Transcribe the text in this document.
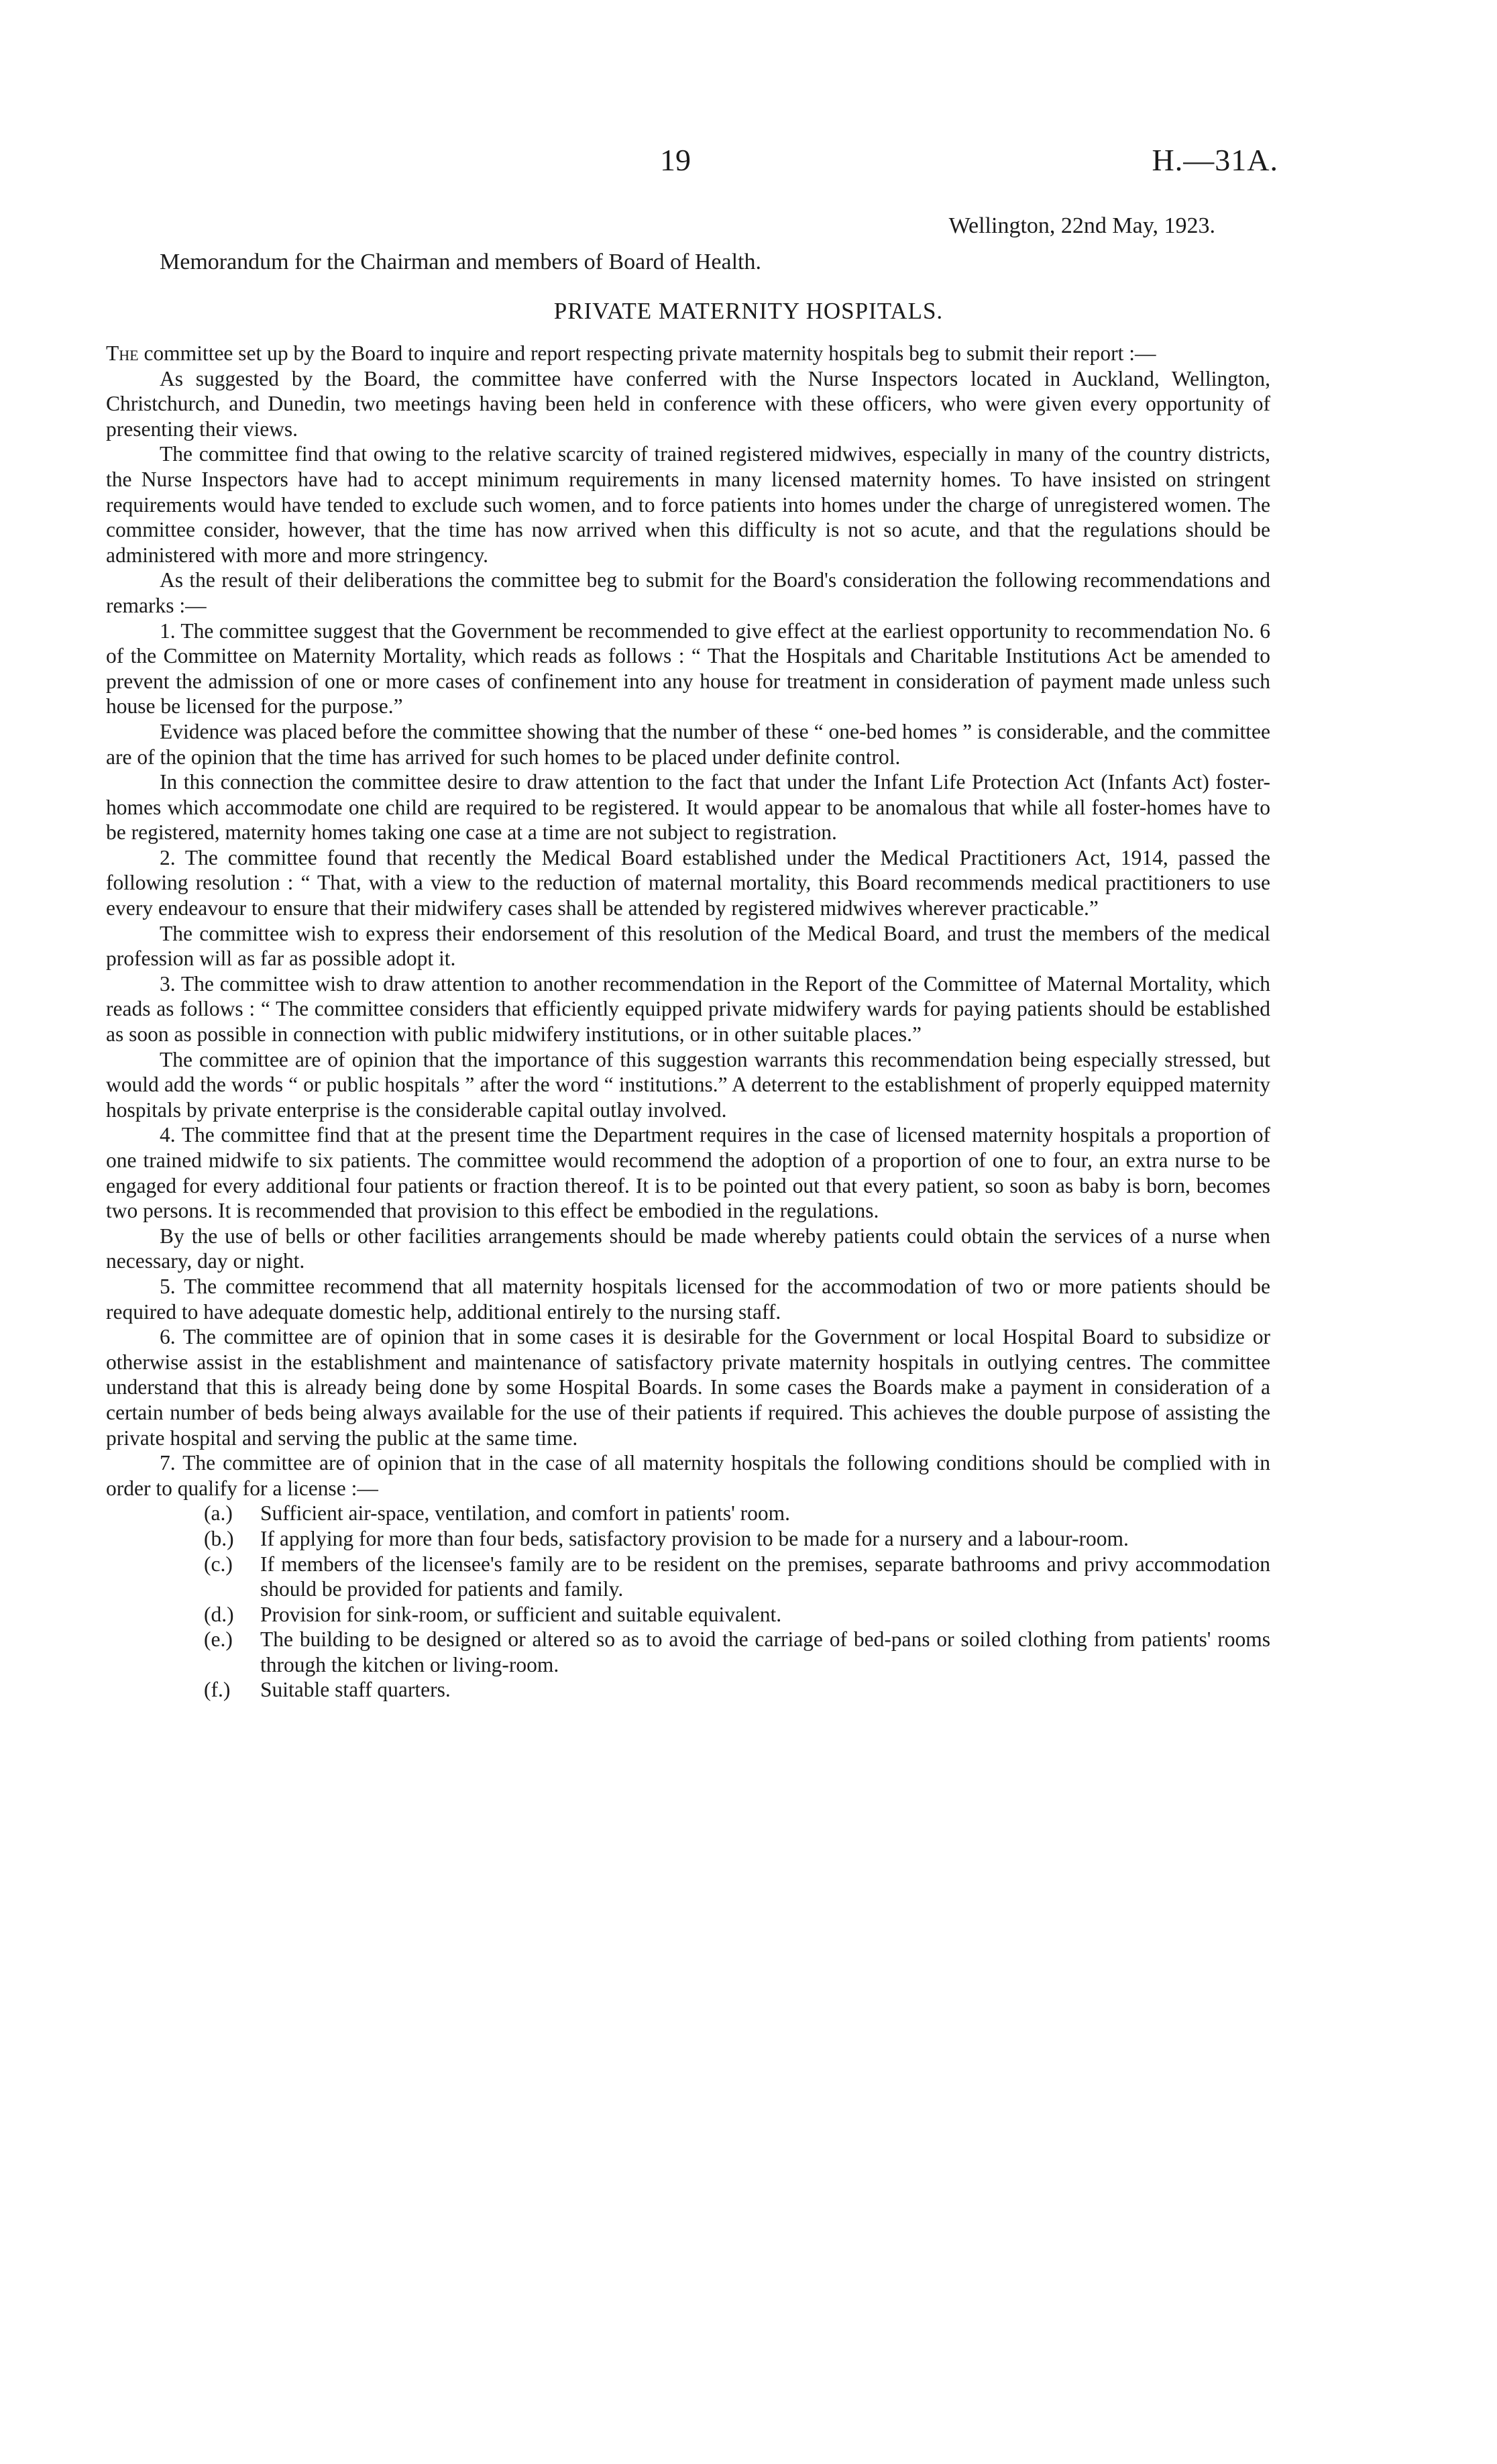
19	H.—31A.
Wellington, 22nd May, 1923.
Memorandum for the Chairman and members of Board of Health.
PRIVATE MATERNITY HOSPITALS.

The committee set up by the Board to inquire and report respecting private maternity hospitals beg to submit their report :—

As suggested by the Board, the committee have conferred with the Nurse Inspectors located in Auckland, Wellington, Christchurch, and Dunedin, two meetings having been held in conference with these officers, who were given every opportunity of presenting their views.

The committee find that owing to the relative scarcity of trained registered midwives, especially in many of the country districts, the Nurse Inspectors have had to accept minimum requirements in many licensed maternity homes. To have insisted on stringent requirements would have tended to exclude such women, and to force patients into homes under the charge of unregistered women. The committee consider, however, that the time has now arrived when this difficulty is not so acute, and that the regulations should be administered with more and more stringency.

As the result of their deliberations the committee beg to submit for the Board's consideration the following recommendations and remarks :—

1. The committee suggest that the Government be recommended to give effect at the earliest opportunity to recommendation No. 6 of the Committee on Maternity Mortality, which reads as follows : “ That the Hospitals and Charitable Institutions Act be amended to prevent the admission of one or more cases of confinement into any house for treatment in consideration of payment made unless such house be licensed for the purpose.”

Evidence was placed before the committee showing that the number of these “ one-bed homes ” is considerable, and the committee are of the opinion that the time has arrived for such homes to be placed under definite control.

In this connection the committee desire to draw attention to the fact that under the Infant Life Protection Act (Infants Act) foster-homes which accommodate one child are required to be registered. It would appear to be anomalous that while all foster-homes have to be registered, maternity homes taking one case at a time are not subject to registration.

2. The committee found that recently the Medical Board established under the Medical Practitioners Act, 1914, passed the following resolution : “ That, with a view to the reduction of maternal mortality, this Board recommends medical practitioners to use every endeavour to ensure that their midwifery cases shall be attended by registered midwives wherever practicable.”

The committee wish to express their endorsement of this resolution of the Medical Board, and trust the members of the medical profession will as far as possible adopt it.

3. The committee wish to draw attention to another recommendation in the Report of the Committee of Maternal Mortality, which reads as follows : “ The committee considers that efficiently equipped private midwifery wards for paying patients should be established as soon as possible in connection with public midwifery institutions, or in other suitable places.”

The committee are of opinion that the importance of this suggestion warrants this recommendation being especially stressed, but would add the words “ or public hospitals ” after the word “ institutions.” A deterrent to the establishment of properly equipped maternity hospitals by private enterprise is the considerable capital outlay involved.

4. The committee find that at the present time the Department requires in the case of licensed maternity hospitals a proportion of one trained midwife to six patients. The committee would recommend the adoption of a proportion of one to four, an extra nurse to be engaged for every additional four patients or fraction thereof. It is to be pointed out that every patient, so soon as baby is born, becomes two persons. It is recommended that provision to this effect be embodied in the regulations.

By the use of bells or other facilities arrangements should be made whereby patients could obtain the services of a nurse when necessary, day or night.

5. The committee recommend that all maternity hospitals licensed for the accommodation of two or more patients should be required to have adequate domestic help, additional entirely to the nursing staff.

6. The committee are of opinion that in some cases it is desirable for the Government or local Hospital Board to subsidize or otherwise assist in the establishment and maintenance of satisfactory private maternity hospitals in outlying centres. The committee understand that this is already being done by some Hospital Boards. In some cases the Boards make a payment in consideration of a certain number of beds being always available for the use of their patients if required. This achieves the double purpose of assisting the private hospital and serving the public at the same time.

7. The committee are of opinion that in the case of all maternity hospitals the following conditions should be complied with in order to qualify for a license :—

(a.) Sufficient air-space, ventilation, and comfort in patients' room.
(b.) If applying for more than four beds, satisfactory provision to be made for a nursery and a labour-room.
(c.) If members of the licensee's family are to be resident on the premises, separate bathrooms and privy accommodation should be provided for patients and family.
(d.) Provision for sink-room, or sufficient and suitable equivalent.
(e.) The building to be designed or altered so as to avoid the carriage of bed-pans or soiled clothing from patients' rooms through the kitchen or living-room.
(f.) Suitable staff quarters.
